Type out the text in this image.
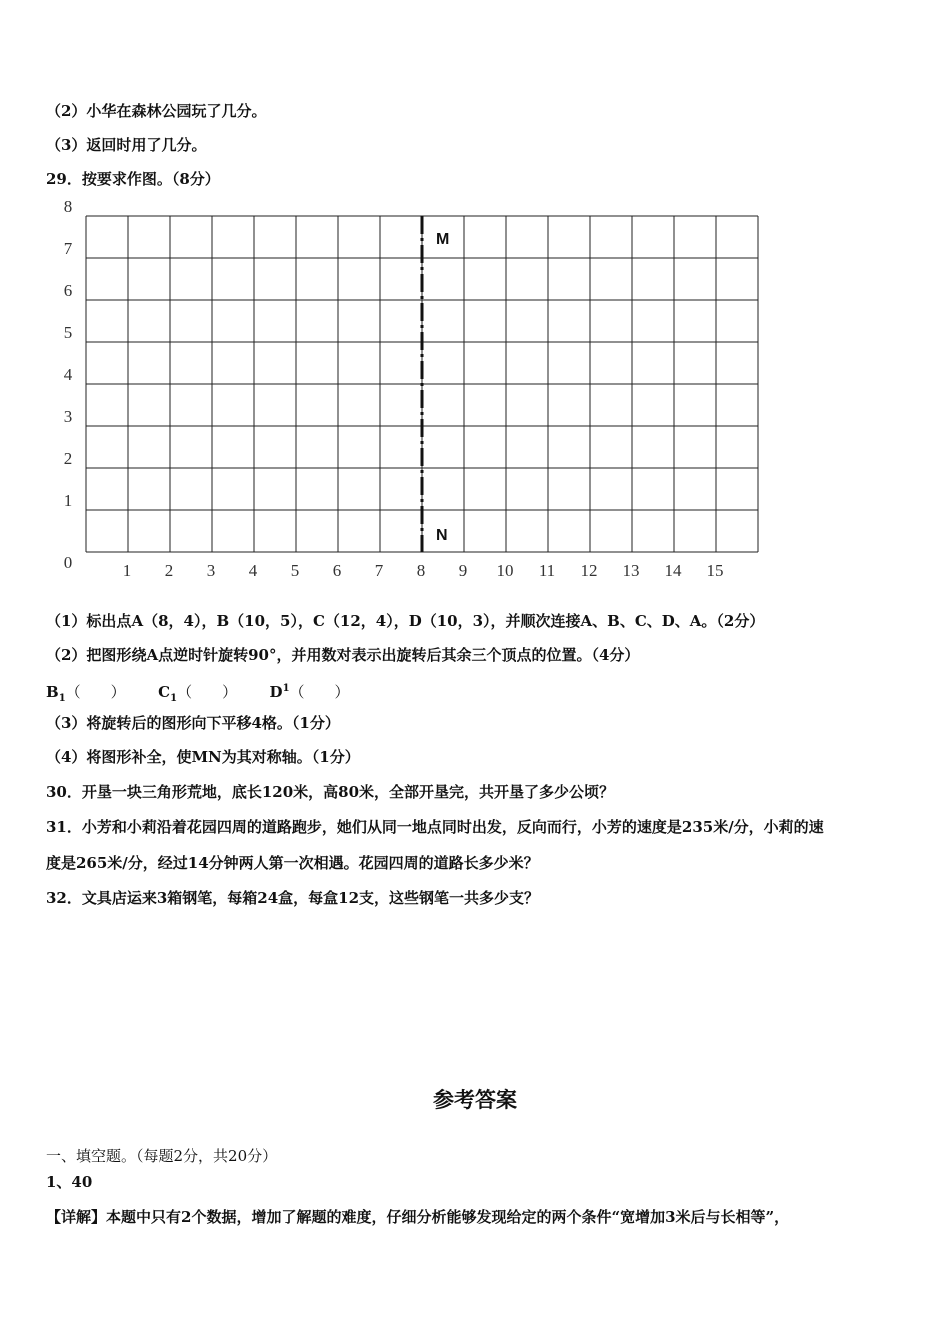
（2）小华在森林公园玩了几分。
（3）返回时用了几分。
29．按要求作图。（8分）
1 2 3 4 5 6 7 8 9 10 11 12 13 14 15
0
1
2
3
4
5
6
7
8
M
N
（1）标出点A（8，4），B（10，5），C（12，4），D（10，3），并顺次连接A、B、C、D、A。（2分）
（2）把图形绕A点逆时针旋转90°，并用数对表示出旋转后其余三个顶点的位置。（4分）
$B_1$（　　） $C_1$（　　） $D^1$（　　）
（3）将旋转后的图形向下平移4格。（1分）
（4）将图形补全，使MN为其对称轴。（1分）
30．开垦一块三角形荒地，底长120米，高80米，全部开垦完，共开垦了多少公顷？
31．小芳和小莉沿着花园四周的道路跑步，她们从同一地点同时出发，反向而行，小芳的速度是235米/分，小莉的速
度是265米/分，经过14分钟两人第一次相遇。花园四周的道路长多少米？
32．文具店运来3箱钢笔，每箱24盒，每盒12支，这些钢笔一共多少支？
参考答案
一、填空题。（每题2分，共20分）
1、40
【详解】本题中只有2个数据，增加了解题的难度，仔细分析能够发现给定的两个条件“宽增加3米后与长相等”，
